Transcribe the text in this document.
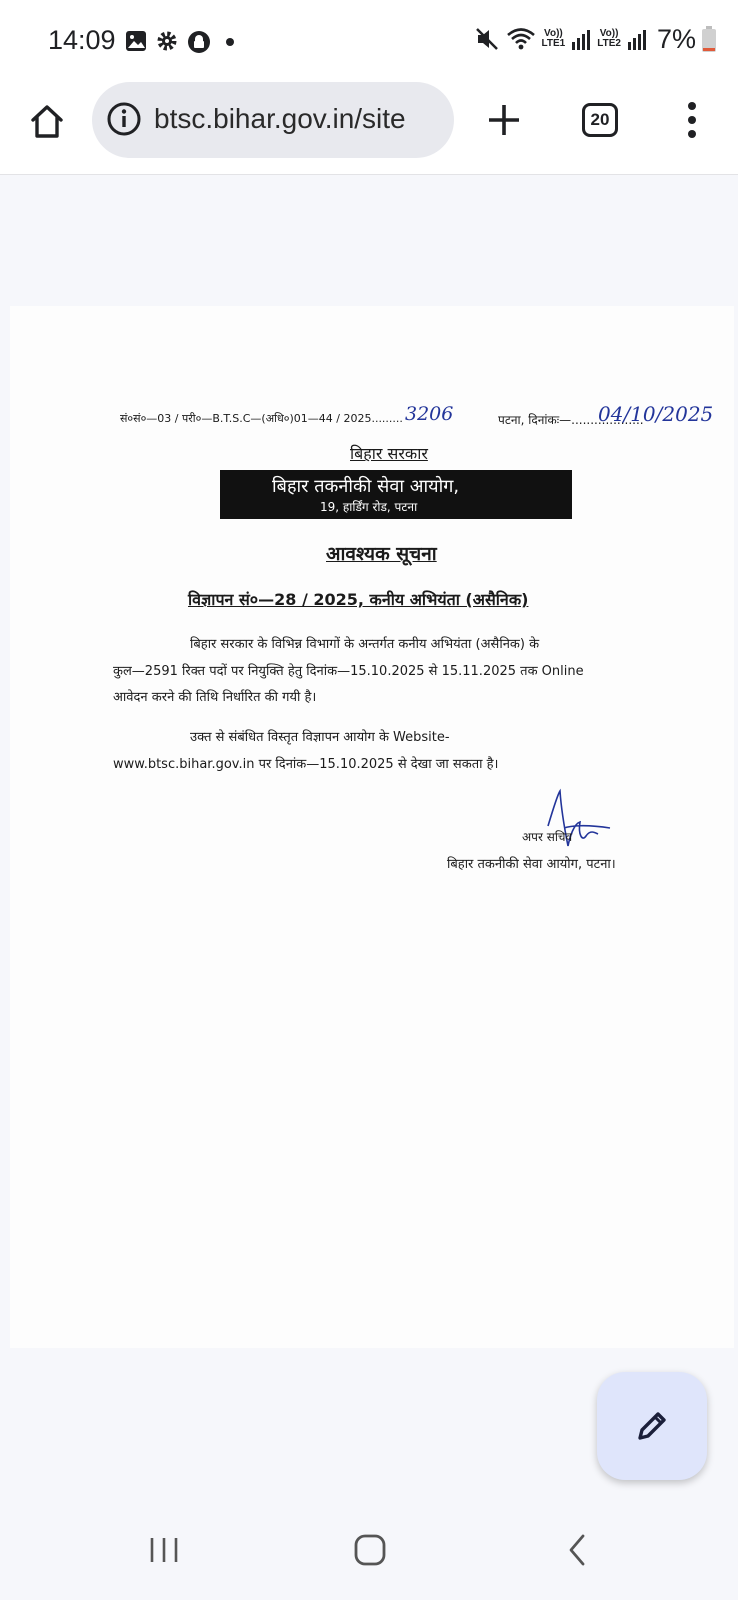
14:09	Vo))
LTE1
Vo))
LTE2 7%
btsc.bihar.gov.in/site	20
सं०सं०—03 / परी०—B.T.S.C—(अधि०)01—44 / 2025......... 3206	पटना, दिनांकः—...................
04/10/2025
बिहार सरकार
बिहार तकनीकी सेवा आयोग,
19, हार्डिंग रोड, पटना
आवश्यक सूचना
विज्ञापन सं०—28 / 2025, कनीय अभियंता (असैनिक)
बिहार सरकार के विभिन्न विभागों के अन्तर्गत कनीय अभियंता (असैनिक) के
कुल—2591 रिक्त पदों पर नियुक्ति हेतु दिनांक—15.10.2025 से 15.11.2025 तक Online
आवेदन करने की तिथि निर्धारित की गयी है।
उक्त से संबंधित विस्तृत विज्ञापन आयोग के Website-
www.btsc.bihar.gov.in पर दिनांक—15.10.2025 से देखा जा सकता है।
अपर सचिव
बिहार तकनीकी सेवा आयोग, पटना।
